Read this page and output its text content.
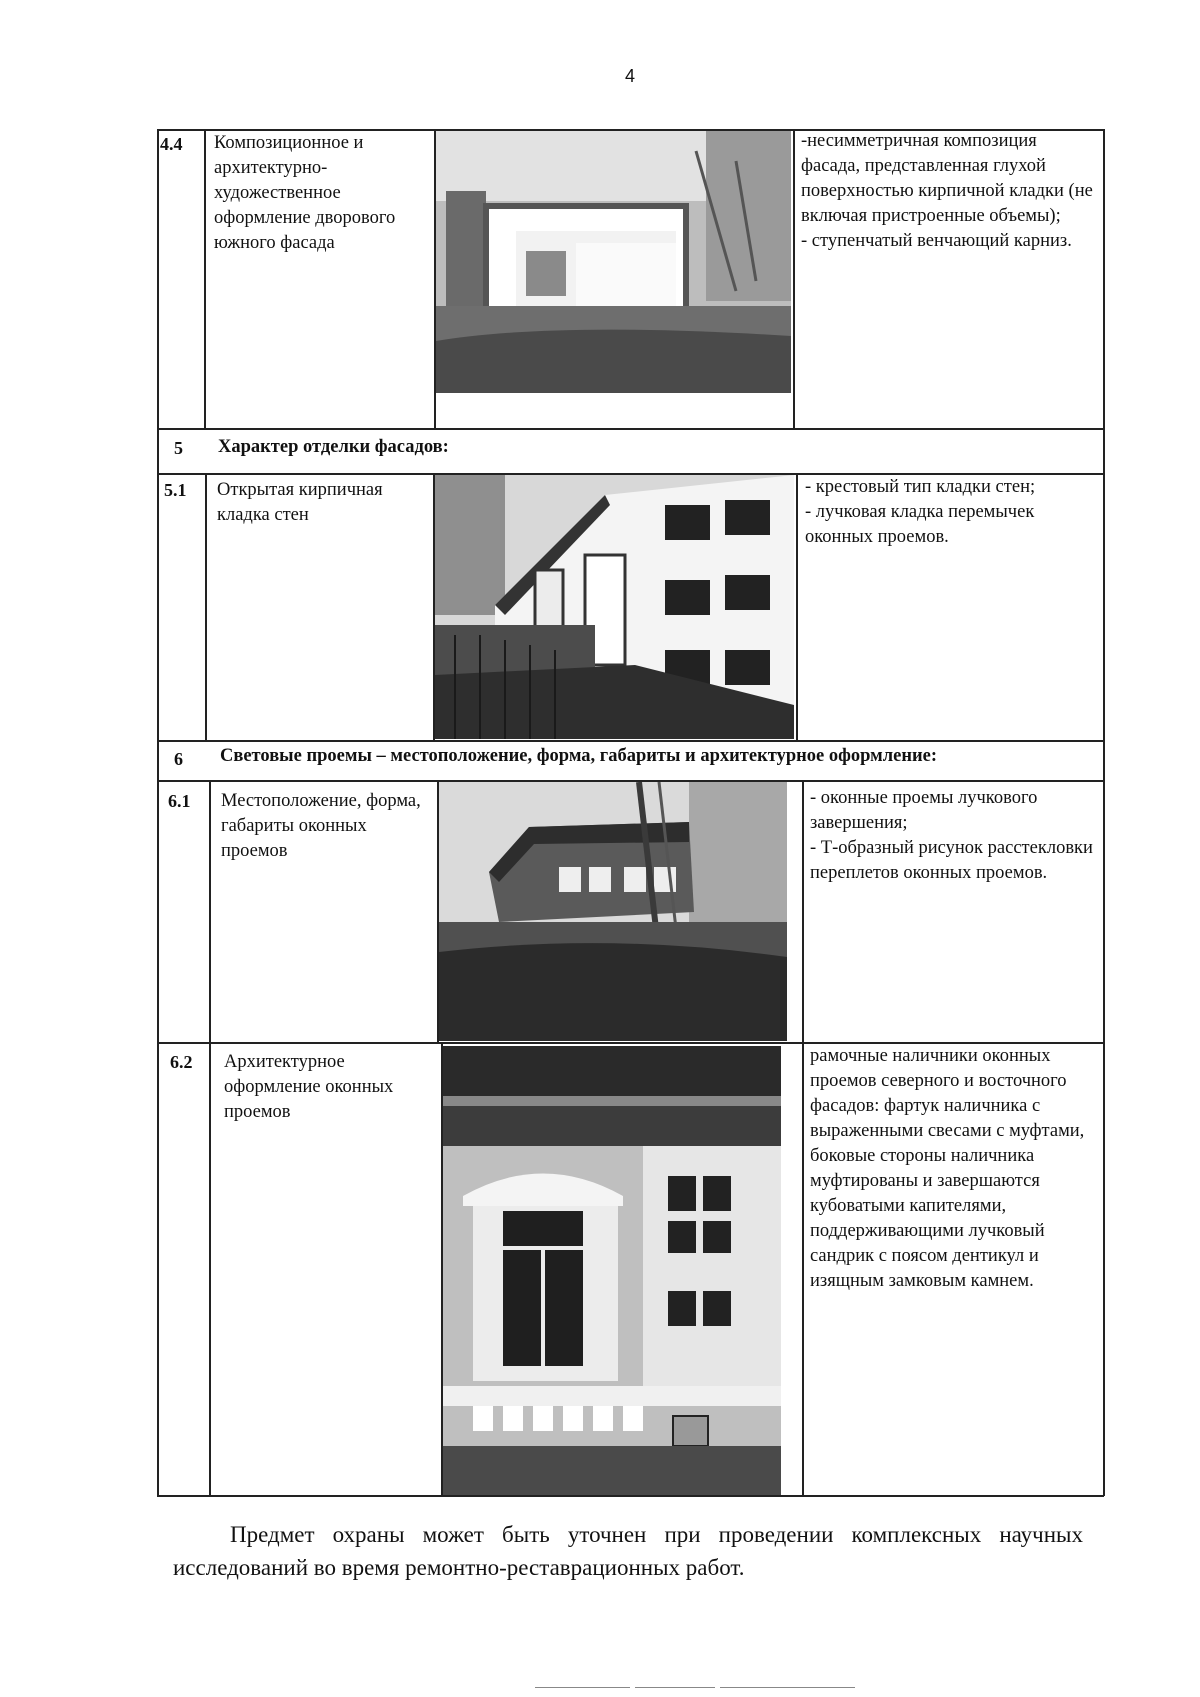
4
4.4 Композиционное и архитектурно-художественное оформление дворового южного фасада
-несимметричная композиция фасада, представленная глухой поверхностью кирпичной кладки (не включая пристроенные объемы);
- ступенчатый венчающий карниз.
5 Характер отделки фасадов:
5.1 Открытая кирпичная кладка стен
- крестовый тип кладки стен;
- лучковая кладка перемычек оконных проемов.
6 Световые проемы – местоположение, форма, габариты и архитектурное оформление:
6.1 Местоположение, форма, габариты оконных проемов
- оконные проемы лучкового завершения;
- Т-образный рисунок расстекловки переплетов оконных проемов.
6.2 Архитектурное оформление оконных проемов
рамочные наличники оконных проемов северного и восточного фасадов: фартук наличника с выраженными свесами с муфтами, боковые стороны наличника муфтированы и завершаются кубоватыми капителями, поддерживающими лучковый сандрик с поясом дентикул и изящным замковым камнем.
Предмет охраны может быть уточнен при проведении комплексных научных исследований во время ремонтно-реставрационных работ.
